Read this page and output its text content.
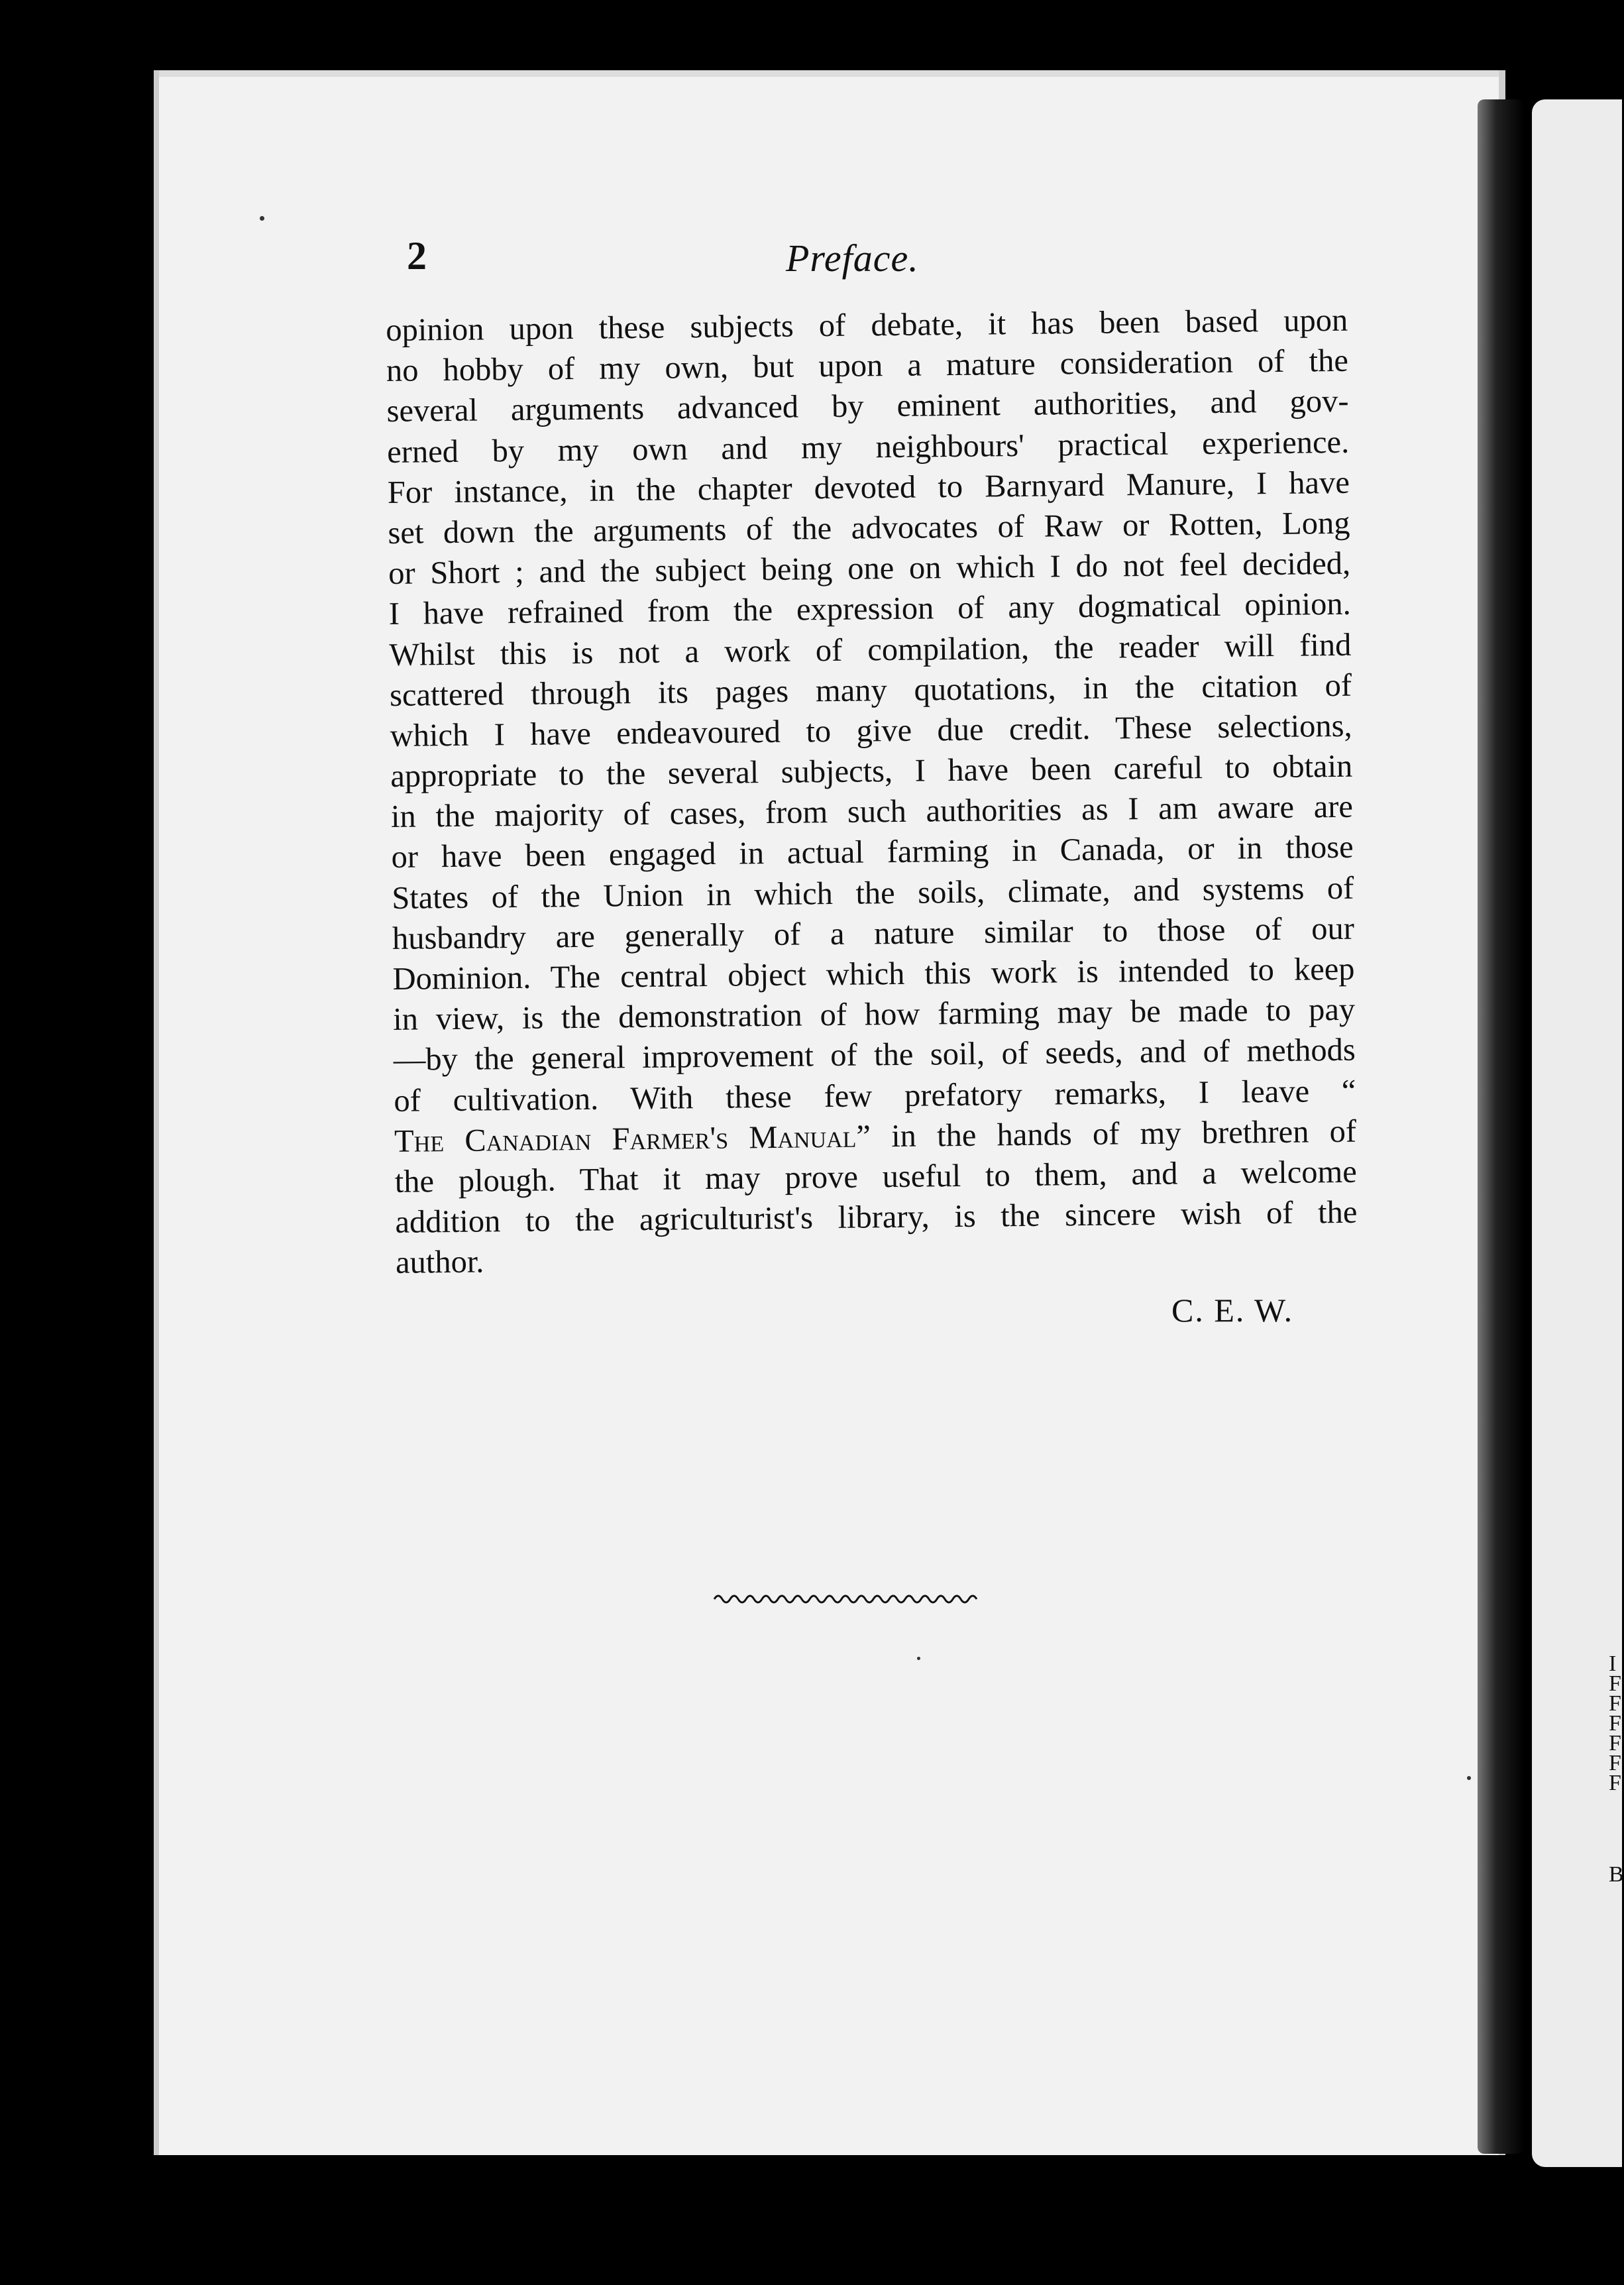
I
F
F
F
F
F
F
B
2	Preface.
opinion upon these subjects of debate, it has been based upon
no hobby of my own, but upon a mature consideration of the
several arguments advanced by eminent authorities, and gov-
erned by my own and my neighbours' practical experience.
For instance, in the chapter devoted to Barnyard Manure, I have
set down the arguments of the advocates of Raw or Rotten, Long
or Short ; and the subject being one on which I do not feel decided,
I have refrained from the expression of any dogmatical opinion.
Whilst this is not a work of compilation, the reader will find
scattered through its pages many quotations, in the citation of
which I have endeavoured to give due credit. These selections,
appropriate to the several subjects, I have been careful to obtain
in the majority of cases, from such authorities as I am aware are
or have been engaged in actual farming in Canada, or in those
States of the Union in which the soils, climate, and systems of
husbandry are generally of a nature similar to those of our
Dominion. The central object which this work is intended to keep
in view, is the demonstration of how farming may be made to pay
—by the general improvement of the soil, of seeds, and of methods
of cultivation. With these few prefatory remarks, I leave “
The Canadian Farmer's Manual” in the hands of my brethren of
the plough. That it may prove useful to them, and a welcome
addition to the agriculturist's library, is the sincere wish of the
author.
C. E. W.
